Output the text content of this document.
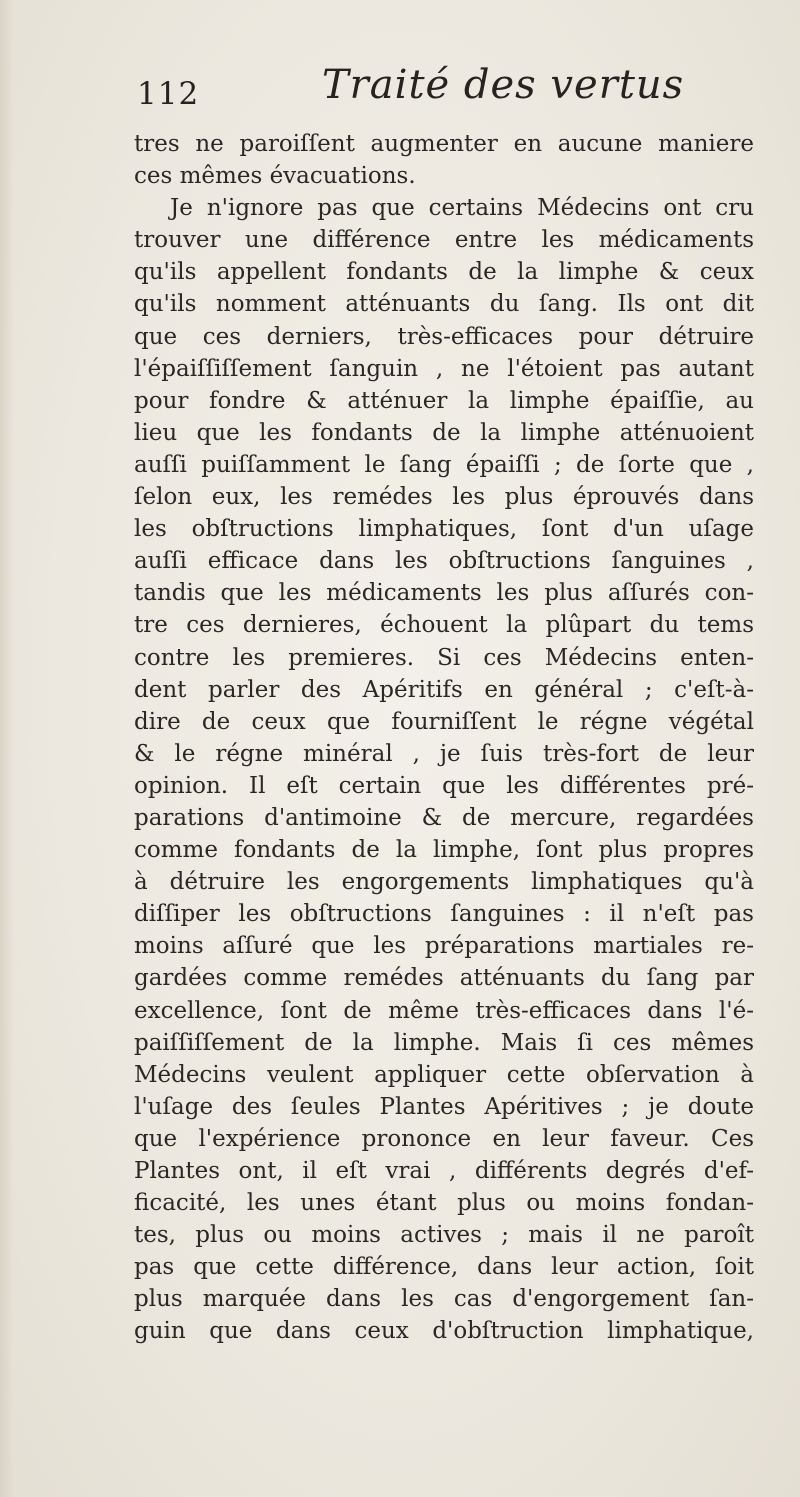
112	Traité des vertus
tres ne paroiſſent augmenter en aucune maniere
ces mêmes évacuations.
Je n'ignore pas que certains Médecins ont cru
trouver une différence entre les médicaments
qu'ils appellent fondants de la limphe & ceux
qu'ils nomment atténuants du ſang. Ils ont dit
que ces derniers, très-efficaces pour détruire
l'épaiſſiſſement ſanguin , ne l'étoient pas autant
pour fondre & atténuer la limphe épaiſſie, au
lieu que les fondants de la limphe atténuoient
auſſi puiſſamment le ſang épaiſſi ; de ſorte que ,
ſelon eux, les remédes les plus éprouvés dans
les obſtructions limphatiques, ſont d'un uſage
auſſi efficace dans les obſtructions ſanguines ,
tandis que les médicaments les plus aſſurés con-
tre ces dernieres, échouent la plûpart du tems
contre les premieres. Si ces Médecins enten-
dent parler des Apéritifs en général ; c'eſt-à-
dire de ceux que fourniſſent le régne végétal
& le régne minéral , je ſuis très-fort de leur
opinion. Il eſt certain que les différentes pré-
parations d'antimoine & de mercure, regardées
comme fondants de la limphe, ſont plus propres
à détruire les engorgements limphatiques qu'à
diſſiper les obſtructions ſanguines : il n'eſt pas
moins aſſuré que les préparations martiales re-
gardées comme remédes atténuants du ſang par
excellence, ſont de même très-efficaces dans l'é-
paiſſiſſement de la limphe. Mais ſi ces mêmes
Médecins veulent appliquer cette obſervation à
l'uſage des ſeules Plantes Apéritives ; je doute
que l'expérience prononce en leur faveur. Ces
Plantes ont, il eſt vrai , différents degrés d'ef-
ficacité, les unes étant plus ou moins fondan-
tes, plus ou moins actives ; mais il ne paroît
pas que cette différence, dans leur action, ſoit
plus marquée dans les cas d'engorgement ſan-
guin que dans ceux d'obſtruction limphatique,
